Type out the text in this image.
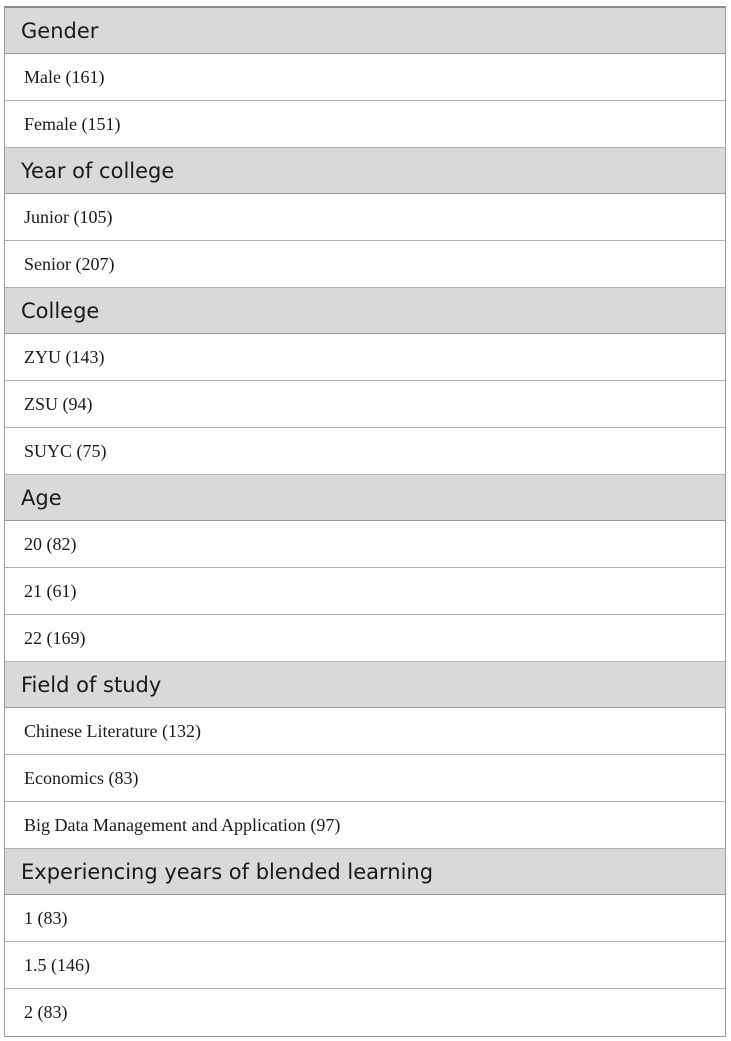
Gender
Male (161)
Female (151)
Year of college
Junior (105)
Senior (207)
College
ZYU (143)
ZSU (94)
SUYC (75)
Age
20 (82)
21 (61)
22 (169)
Field of study
Chinese Literature (132)
Economics (83)
Big Data Management and Application (97)
Experiencing years of blended learning
1 (83)
1.5 (146)
2 (83)
